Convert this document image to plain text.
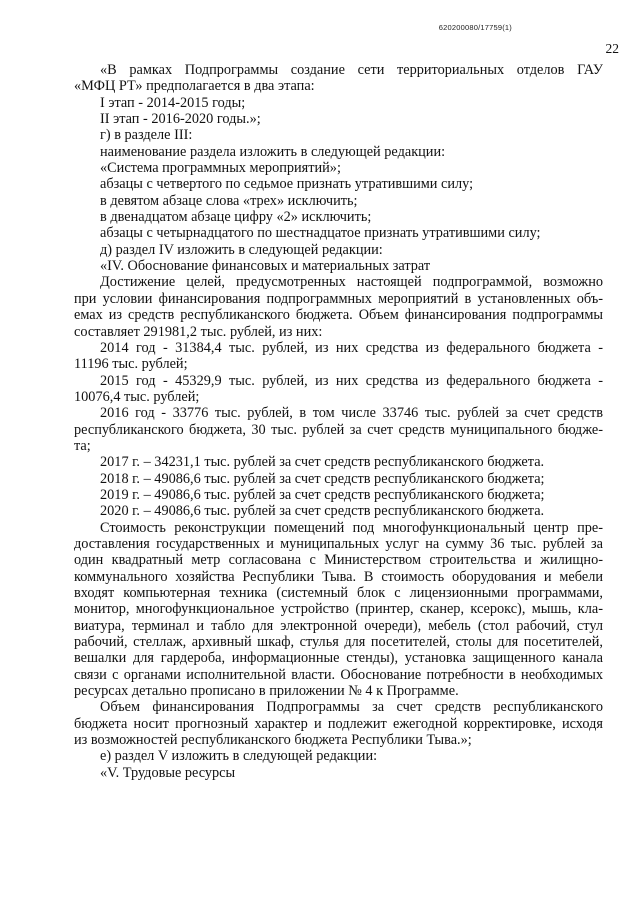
620200080/17759(1)
22

«В рамках Подпрограммы создание сети территориальных отделов ГАУ

«МФЦ РТ» предполагается в два этапа:

I этап - 2014-2015 годы;

II этап - 2016-2020 годы.»;

г) в разделе III:

наименование раздела изложить в следующей редакции:

«Система программных мероприятий»;

абзацы с четвертого по седьмое признать утратившими силу;

в девятом абзаце слова «трех» исключить;

в двенадцатом абзаце цифру «2» исключить;

абзацы с четырнадцатого по шестнадцатое признать утратившими силу;

д) раздел IV изложить в следующей редакции:

«IV. Обоснование финансовых и материальных затрат

Достижение целей, предусмотренных настоящей подпрограммой, возможно

при условии финансирования подпрограммных мероприятий в установленных объ-

емах из средств республиканского бюджета. Объем финансирования подпрограммы

составляет 291981,2 тыс. рублей, из них:

2014 год - 31384,4 тыс. рублей, из них средства из федерального бюджета -

11196 тыс. рублей;

2015 год - 45329,9 тыс. рублей, из них средства из федерального бюджета -

10076,4 тыс. рублей;

2016 год - 33776 тыс. рублей, в том числе 33746 тыс. рублей за счет средств

республиканского бюджета, 30 тыс. рублей за счет средств муниципального бюдже-

та;

2017 г. – 34231,1 тыс. рублей за счет средств республиканского бюджета.

2018 г. – 49086,6 тыс. рублей за счет средств республиканского бюджета;

2019 г. – 49086,6 тыс. рублей за счет средств республиканского бюджета;

2020 г. – 49086,6 тыс. рублей за счет средств республиканского бюджета.

Стоимость реконструкции помещений под многофункциональный центр пре-

доставления государственных и муниципальных услуг на сумму 36 тыс. рублей за

один квадратный метр согласована с Министерством строительства и жилищно-

коммунального хозяйства Республики Тыва. В стоимость оборудования и мебели

входят компьютерная техника (системный блок с лицензионными программами,

монитор, многофункциональное устройство (принтер, сканер, ксерокс), мышь, кла-

виатура, терминал и табло для электронной очереди), мебель (стол рабочий, стул

рабочий, стеллаж, архивный шкаф, стулья для посетителей, столы для посетителей,

вешалки для гардероба, информационные стенды), установка защищенного канала

связи с органами исполнительной власти. Обоснование потребности в необходимых

ресурсах детально прописано в приложении № 4 к Программе.

Объем финансирования Подпрограммы за счет средств республиканского

бюджета носит прогнозный характер и подлежит ежегодной корректировке, исходя

из возможностей республиканского бюджета Республики Тыва.»;

е) раздел V изложить в следующей редакции:

«V. Трудовые ресурсы
